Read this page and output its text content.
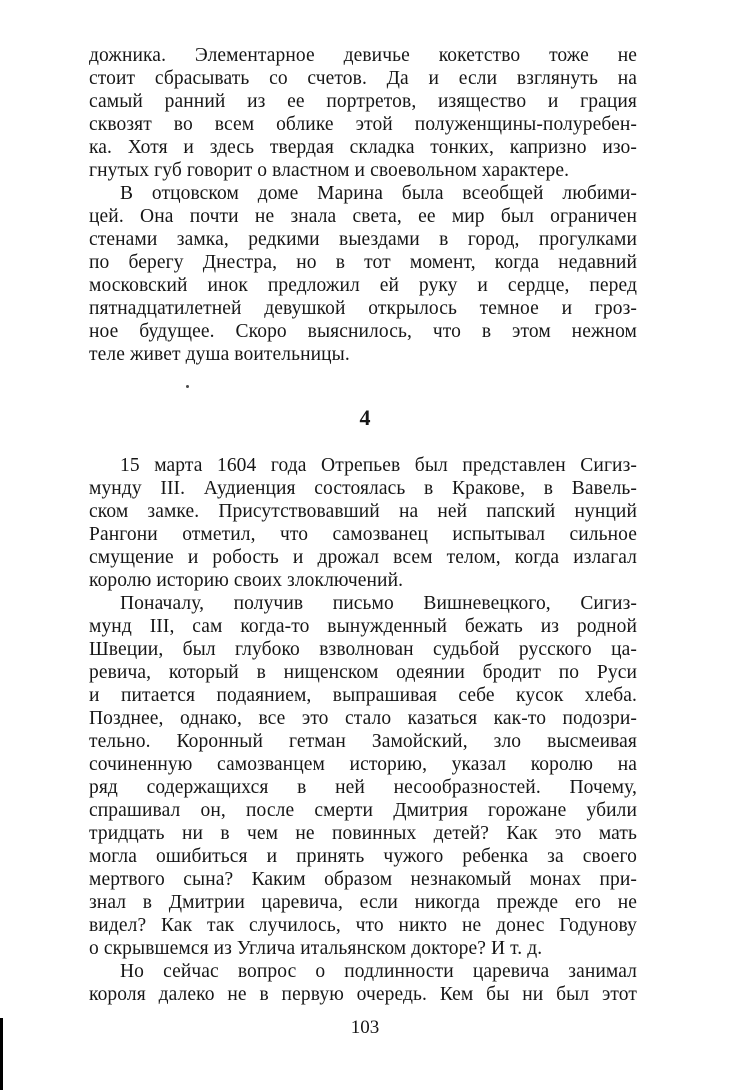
дожника. Элементарное девичье кокетство тоже не

стоит сбрасывать со счетов. Да и если взглянуть на

самый ранний из ее портретов, изящество и грация

сквозят во всем облике этой полуженщины-полуребен-

ка. Хотя и здесь твердая складка тонких, капризно изо-

гнутых губ говорит о властном и своевольном характере.

В отцовском доме Марина была всеобщей любими-

цей. Она почти не знала света, ее мир был ограничен

стенами замка, редкими выездами в город, прогулками

по берегу Днестра, но в тот момент, когда недавний

московский инок предложил ей руку и сердце, перед

пятнадцатилетней девушкой открылось темное и гроз-

ное будущее. Скоро выяснилось, что в этом нежном

теле живет душа воительницы.

4

15 марта 1604 года Отрепьев был представлен Сигиз-

мунду III. Аудиенция состоялась в Кракове, в Вавель-

ском замке. Присутствовавший на ней папский нунций

Рангони отметил, что самозванец испытывал сильное

смущение и робость и дрожал всем телом, когда излагал

королю историю своих злоключений.

Поначалу, получив письмо Вишневецкого, Сигиз-

мунд III, сам когда-то вынужденный бежать из родной

Швеции, был глубоко взволнован судьбой русского ца-

ревича, который в нищенском одеянии бродит по Руси

и питается подаянием, выпрашивая себе кусок хлеба.

Позднее, однако, все это стало казаться как-то подозри-

тельно. Коронный гетман Замойский, зло высмеивая

сочиненную самозванцем историю, указал королю на

ряд содержащихся в ней несообразностей. Почему,

спрашивал он, после смерти Дмитрия горожане убили

тридцать ни в чем не повинных детей? Как это мать

могла ошибиться и принять чужого ребенка за своего

мертвого сына? Каким образом незнакомый монах при-

знал в Дмитрии царевича, если никогда прежде его не

видел? Как так случилось, что никто не донес Годунову

о скрывшемся из Углича итальянском докторе? И т. д.

Но сейчас вопрос о подлинности царевича занимал

короля далеко не в первую очередь. Кем бы ни был этот

103
